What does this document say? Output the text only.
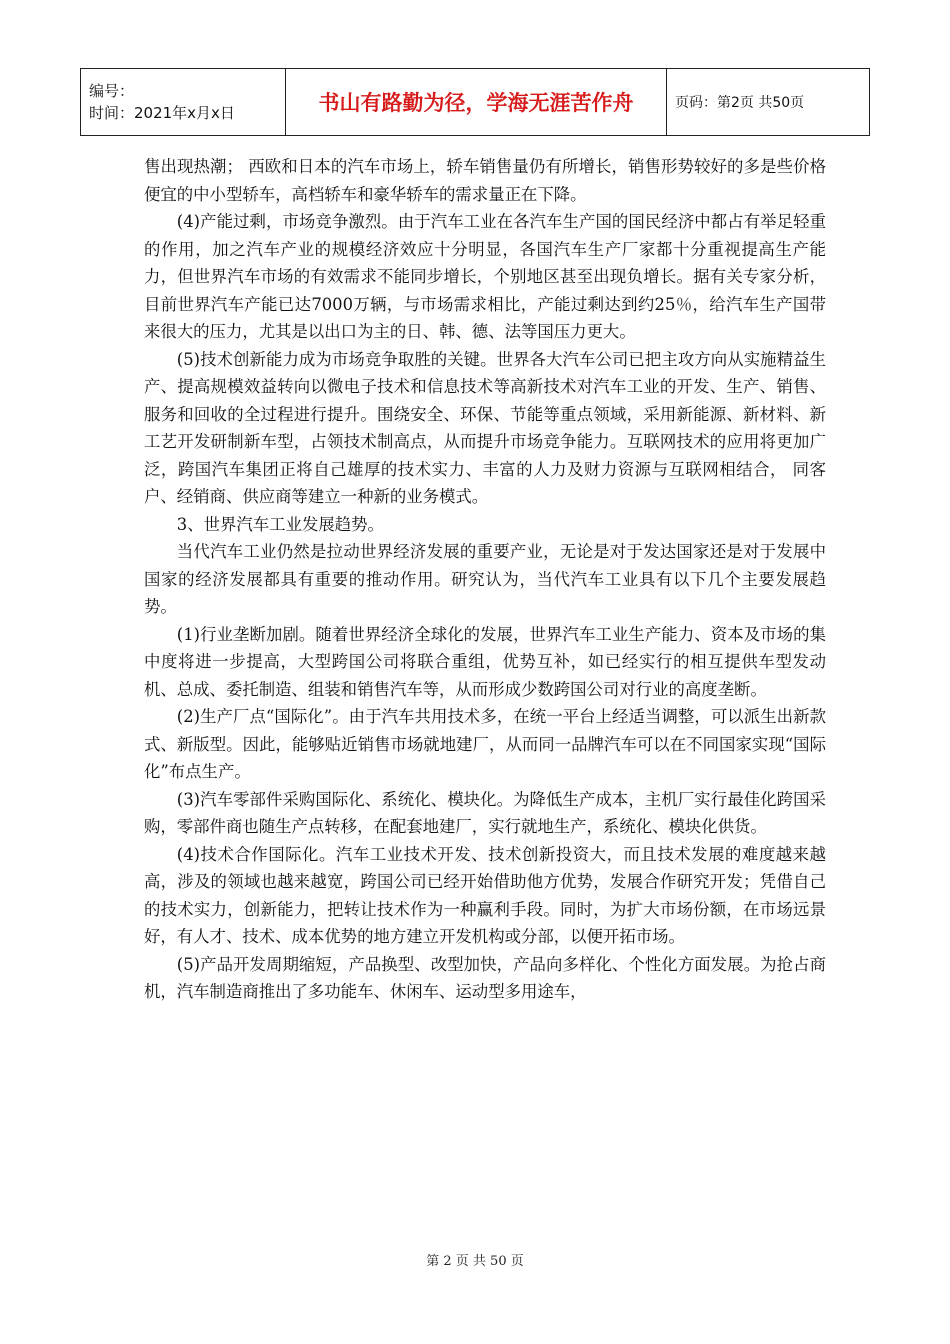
编号：
时间：2021年x月x日	书山有路勤为径，学海无涯苦作舟	页码：第2页 共50页

售出现热潮； 西欧和日本的汽车市场上，轿车销售量仍有所增长，销售形势较好的多是些价格便宜的中小型轿车，高档轿车和豪华轿车的需求量正在下降。

(4)产能过剩，市场竞争激烈。由于汽车工业在各汽车生产国的国民经济中都占有举足轻重的作用，加之汽车产业的规模经济效应十分明显，各国汽车生产厂家都十分重视提高生产能力，但世界汽车市场的有效需求不能同步增长，个别地区甚至出现负增长。据有关专家分析，目前世界汽车产能已达7000万辆，与市场需求相比，产能过剩达到约25％，给汽车生产国带来很大的压力，尤其是以出口为主的日、韩、德、法等国压力更大。

(5)技术创新能力成为市场竞争取胜的关键。世界各大汽车公司已把主攻方向从实施精益生产、提高规模效益转向以微电子技术和信息技术等高新技术对汽车工业的开发、生产、销售、服务和回收的全过程进行提升。围绕安全、环保、节能等重点领域，采用新能源、新材料、新工艺开发研制新车型，占领技术制高点，从而提升市场竞争能力。互联网技术的应用将更加广泛，跨国汽车集团正将自己雄厚的技术实力、丰富的人力及财力资源与互联网相结合， 同客户、经销商、供应商等建立一种新的业务模式。

3、世界汽车工业发展趋势。

当代汽车工业仍然是拉动世界经济发展的重要产业，无论是对于发达国家还是对于发展中国家的经济发展都具有重要的推动作用。研究认为，当代汽车工业具有以下几个主要发展趋势。

(1)行业垄断加剧。随着世界经济全球化的发展，世界汽车工业生产能力、资本及市场的集中度将进一步提高，大型跨国公司将联合重组，优势互补，如已经实行的相互提供车型发动机、总成、委托制造、组装和销售汽车等，从而形成少数跨国公司对行业的高度垄断。

(2)生产厂点“国际化”。由于汽车共用技术多，在统一平台上经适当调整，可以派生出新款式、新版型。因此，能够贴近销售市场就地建厂，从而同一品牌汽车可以在不同国家实现“国际化”布点生产。

(3)汽车零部件采购国际化、系统化、模块化。为降低生产成本，主机厂实行最佳化跨国采购，零部件商也随生产点转移，在配套地建厂，实行就地生产，系统化、模块化供货。

(4)技术合作国际化。汽车工业技术开发、技术创新投资大，而且技术发展的难度越来越高，涉及的领域也越来越宽，跨国公司已经开始借助他方优势，发展合作研究开发；凭借自己的技术实力，创新能力，把转让技术作为一种赢利手段。同时，为扩大市场份额，在市场远景好，有人才、技术、成本优势的地方建立开发机构或分部，以便开拓市场。

(5)产品开发周期缩短，产品换型、改型加快，产品向多样化、个性化方面发展。为抢占商机，汽车制造商推出了多功能车、休闲车、运动型多用途车，

第 2 页 共 50 页
